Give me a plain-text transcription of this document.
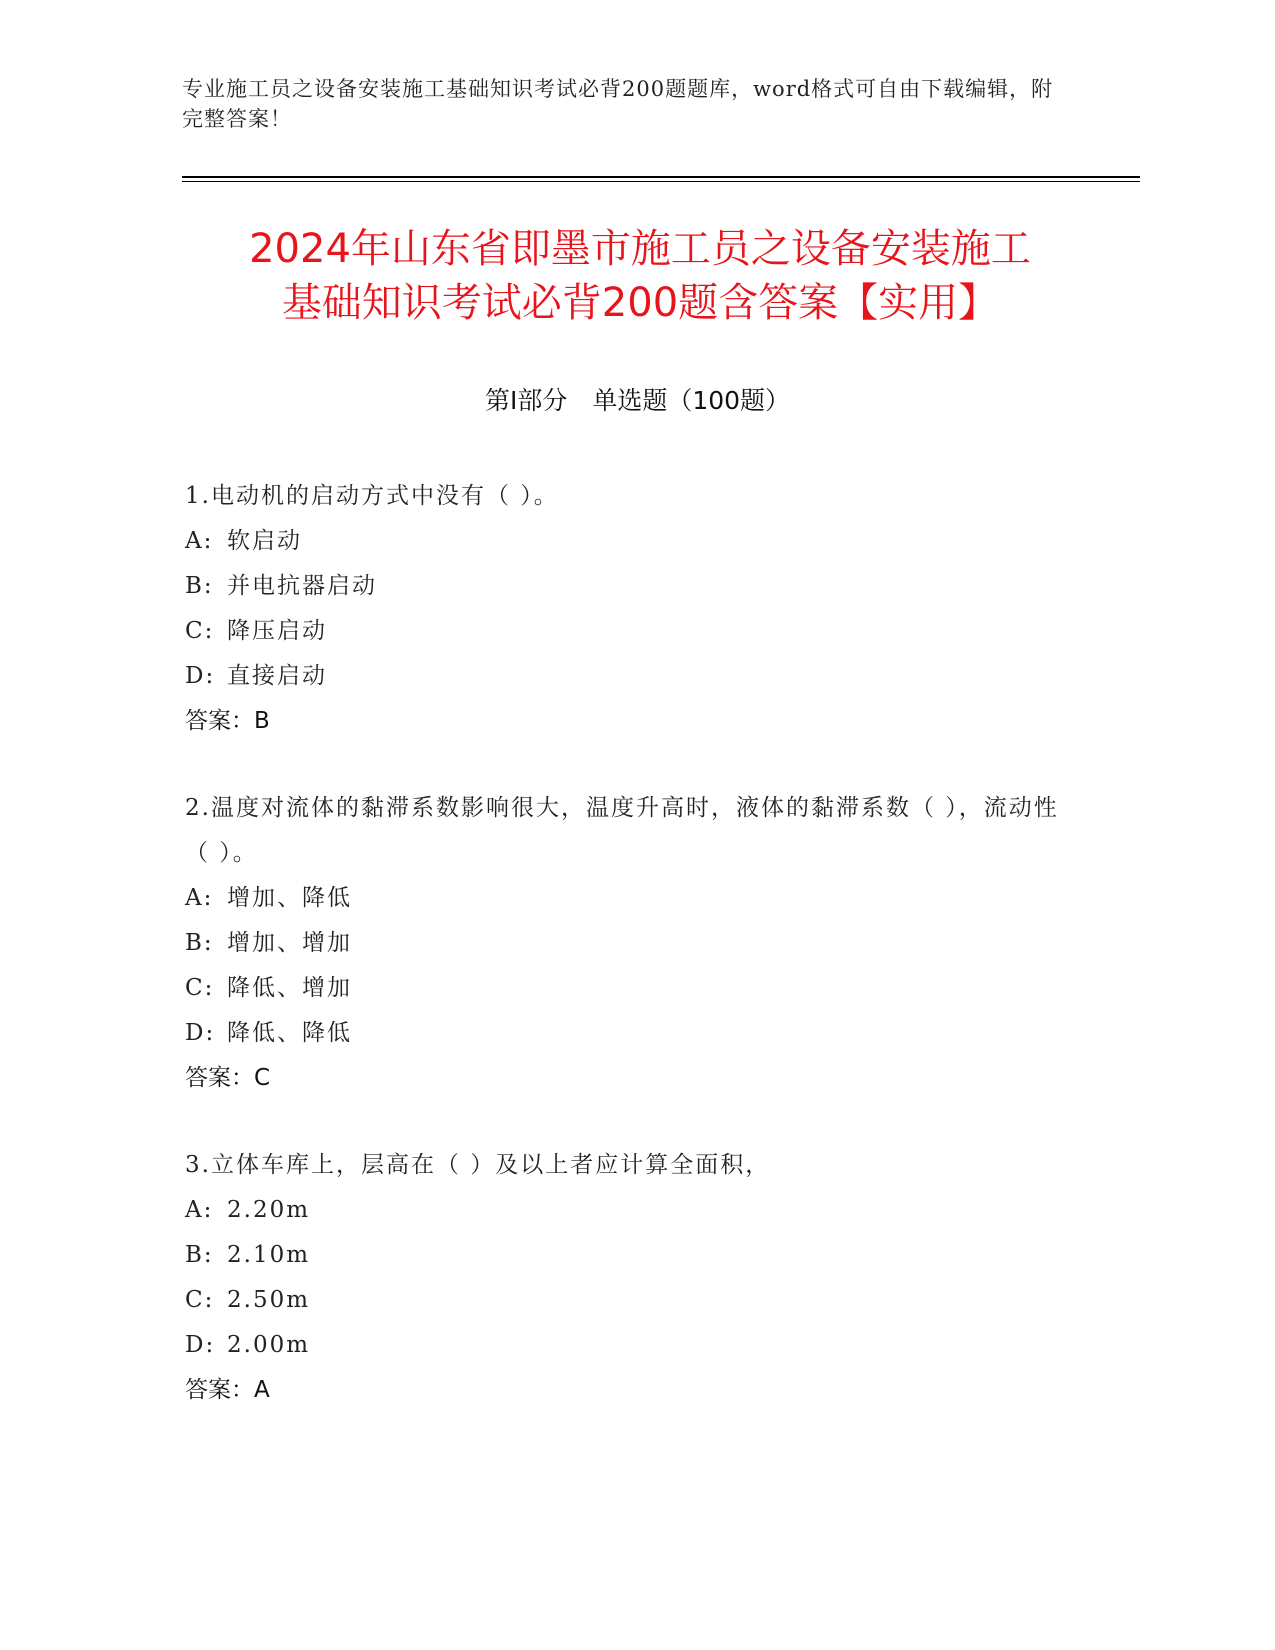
专业施工员之设备安装施工基础知识考试必背200题题库，word格式可自由下载编辑，附完整答案！
2024年山东省即墨市施工员之设备安装施工
基础知识考试必背200题含答案【实用】
第Ⅰ部分　单选题（100题）

1.电动机的启动方式中没有（ ）。

A: 软启动

B: 并电抗器启动

C: 降压启动

D: 直接启动

答案：B

2.温度对流体的黏滞系数影响很大，温度升高时，液体的黏滞系数（ ），流动性（ ）。

A: 增加、降低

B: 增加、增加

C: 降低、增加

D: 降低、降低

答案：C

3.立体车库上，层高在（ ）及以上者应计算全面积，

A: 2.20m

B: 2.10m

C: 2.50m

D: 2.00m

答案：A
